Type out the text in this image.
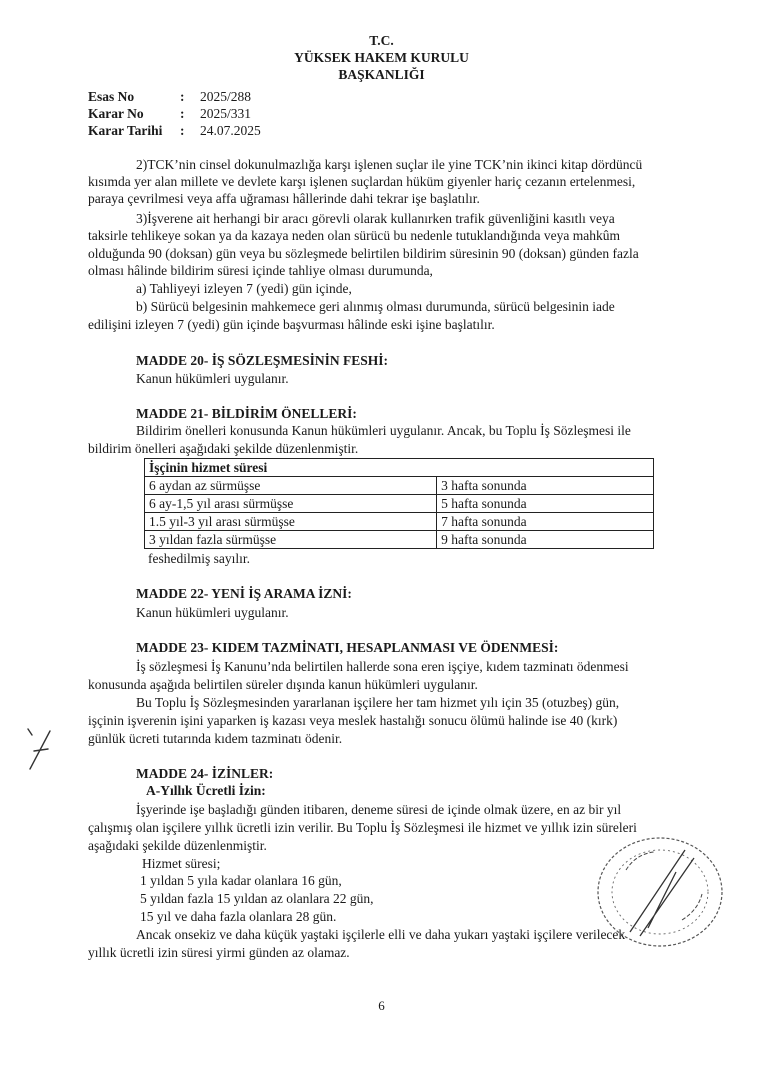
T.C.
YÜKSEK HAKEM KURULU
BAŞKANLIĞI
Esas No	:	2025/288
Karar No	:	2025/331
Karar Tarihi	:	24.07.2025
2)TCK’nin cinsel dokunulmazlığa karşı işlenen suçlar ile yine TCK’nin ikinci kitap dördüncü
kısımda yer alan millete ve devlete karşı işlenen suçlardan hüküm giyenler hariç cezanın ertelenmesi,
paraya çevrilmesi veya affa uğraması hâllerinde dahi tekrar işe başlatılır.
3)İşverene ait herhangi bir aracı görevli olarak kullanırken trafik güvenliğini kasıtlı veya
taksirle tehlikeye sokan ya da kazaya neden olan sürücü bu nedenle tutuklandığında veya mahkûm
olduğunda 90 (doksan) gün veya bu sözleşmede belirtilen bildirim süresinin 90 (doksan) günden fazla
olması hâlinde bildirim süresi içinde tahliye olması durumunda,
a) Tahliyeyi izleyen 7 (yedi) gün içinde,
b) Sürücü belgesinin mahkemece geri alınmış olması durumunda, sürücü belgesinin iade
edilişini izleyen 7 (yedi) gün içinde başvurması hâlinde eski işine başlatılır.
MADDE 20- İŞ SÖZLEŞMESİNİN FESHİ:
Kanun hükümleri uygulanır.
MADDE 21- BİLDİRİM ÖNELLERİ:
Bildirim önelleri konusunda Kanun hükümleri uygulanır. Ancak, bu Toplu İş Sözleşmesi ile
bildirim önelleri aşağıdaki şekilde düzenlenmiştir.
İşçinin hizmet süresi	
6 aydan az sürmüşse	3 hafta sonunda
6 ay-1,5 yıl arası sürmüşse	5 hafta sonunda
1.5 yıl-3 yıl arası sürmüşse	7 hafta sonunda
3 yıldan fazla sürmüşse	9 hafta sonunda
feshedilmiş sayılır.
MADDE 22- YENİ İŞ ARAMA İZNİ:
Kanun hükümleri uygulanır.
MADDE 23- KIDEM TAZMİNATI, HESAPLANMASI VE ÖDENMESİ:
İş sözleşmesi İş Kanunu’nda belirtilen hallerde sona eren işçiye, kıdem tazminatı ödenmesi
konusunda aşağıda belirtilen süreler dışında kanun hükümleri uygulanır.
Bu Toplu İş Sözleşmesinden yararlanan işçilere her tam hizmet yılı için 35 (otuzbeş) gün,
işçinin işverenin işini yaparken iş kazası veya meslek hastalığı sonucu ölümü halinde ise 40 (kırk)
günlük ücreti tutarında kıdem tazminatı ödenir.
MADDE 24- İZİNLER:
A-Yıllık Ücretli İzin:
İşyerinde işe başladığı günden itibaren, deneme süresi de içinde olmak üzere, en az bir yıl
çalışmış olan işçilere yıllık ücretli izin verilir. Bu Toplu İş Sözleşmesi ile hizmet ve yıllık izin süreleri
aşağıdaki şekilde düzenlenmiştir.
Hizmet süresi;
1 yıldan 5 yıla kadar olanlara 16 gün,
5 yıldan fazla 15 yıldan az olanlara 22 gün,
15 yıl ve daha fazla olanlara 28 gün.
Ancak onsekiz ve daha küçük yaştaki işçilerle elli ve daha yukarı yaştaki işçilere verilecek
yıllık ücretli izin süresi yirmi günden az olamaz.
6
